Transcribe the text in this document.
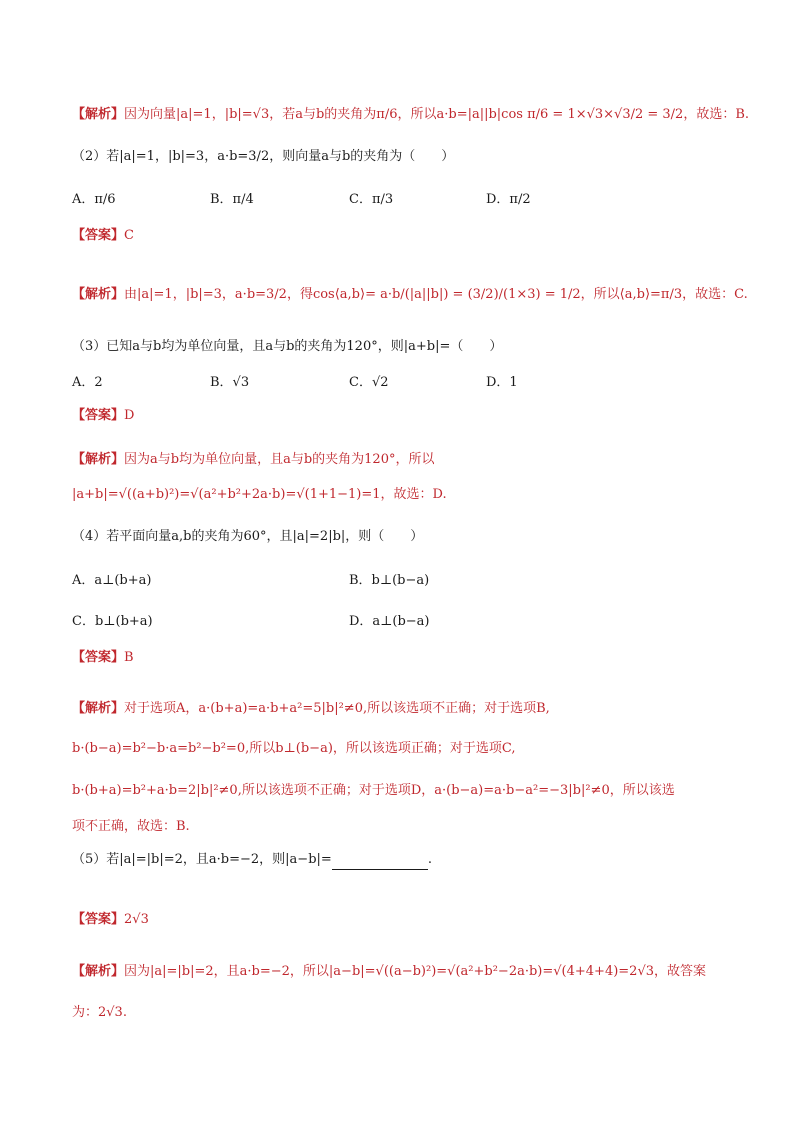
【解析】因为向量|a|=1，|b|=√3，若a与b的夹角为π/6，所以a·b=|a||b|cos π/6 = 1×√3×√3/2 = 3/2，故选：B.
（2）若|a|=1，|b|=3，a·b=3/2，则向量a与b的夹角为（　　）
A．π/6	B．π/4	C．π/3	D．π/2
【答案】C
【解析】由|a|=1，|b|=3，a·b=3/2，得cos⟨a,b⟩= a·b/(|a||b|) = (3/2)/(1×3) = 1/2，所以⟨a,b⟩=π/3，故选：C.
（3）已知a与b均为单位向量，且a与b的夹角为120°，则|a+b|=（　　）
A．2	B．√3	C．√2	D．1
【答案】D
【解析】因为a与b均为单位向量，且a与b的夹角为120°，所以
|a+b|=√((a+b)²)=√(a²+b²+2a·b)=√(1+1−1)=1，故选：D.
（4）若平面向量a,b的夹角为60°，且|a|=2|b|，则（　　）
A．a⊥(b+a)	B．b⊥(b−a)
C．b⊥(b+a)	D．a⊥(b−a)
【答案】B
【解析】对于选项A，a·(b+a)=a·b+a²=5|b|²≠0,所以该选项不正确；对于选项B,
b·(b−a)=b²−b·a=b²−b²=0,所以b⊥(b−a)，所以该选项正确；对于选项C,
b·(b+a)=b²+a·b=2|b|²≠0,所以该选项不正确；对于选项D，a·(b−a)=a·b−a²=−3|b|²≠0，所以该选
项不正确，故选：B.
（5）若|a|=|b|=2，且a·b=−2，则|a−b|=	.
【答案】2√3
【解析】因为|a|=|b|=2，且a·b=−2，所以|a−b|=√((a−b)²)=√(a²+b²−2a·b)=√(4+4+4)=2√3，故答案
为：2√3.
